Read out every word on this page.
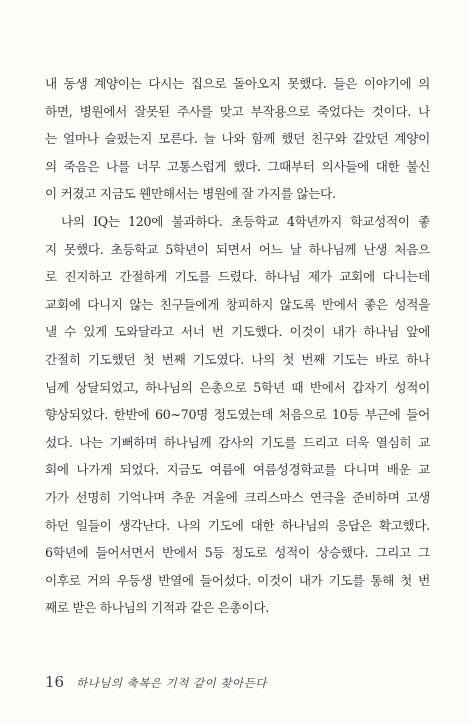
내 동생 계양이는 다시는 집으로 돌아오지 못했다. 들은 이야기에 의
하면, 병원에서 잘못된 주사를 맞고 부작용으로 죽었다는 것이다. 나
는 얼마나 슬펐는지 모른다. 늘 나와 함께 했던 친구와 같았던 계양이
의 죽음은 나를 너무 고통스럽게 했다. 그때부터 의사들에 대한 불신
이 커졌고 지금도 웬만해서는 병원에 잘 가지를 않는다.
나의 IQ는 120에 불과하다. 초등학교 4학년까지 학교성적이 좋
지 못했다. 초등학교 5학년이 되면서 어느 날 하나님께 난생 처음으
로 진지하고 간절하게 기도를 드렸다. 하나님 제가 교회에 다니는데
교회에 다니지 않는 친구들에게 창피하지 않도록 반에서 좋은 성적을
낼 수 있게 도와달라고 서너 번 기도했다. 이것이 내가 하나님 앞에
간절히 기도했던 첫 번째 기도였다. 나의 첫 번째 기도는 바로 하나
님께 상달되었고, 하나님의 은총으로 5학년 때 반에서 갑자기 성적이
향상되었다. 한반에 60~70명 정도였는데 처음으로 10등 부근에 들어
섰다. 나는 기뻐하며 하나님께 감사의 기도를 드리고 더욱 열심히 교
회에 나가게 되었다. 지금도 여름에 여름성경학교를 다니며 배운 교
가가 선명히 기억나며 추운 겨울에 크리스마스 연극을 준비하며 고생
하던 일들이 생각난다. 나의 기도에 대한 하나님의 응답은 확고했다.
6학년에 들어서면서 반에서 5등 정도로 성적이 상승했다. 그리고 그
이후로 거의 우등생 반열에 들어섰다. 이것이 내가 기도를 통해 첫 번
째로 받은 하나님의 기적과 같은 은총이다.
16 하나님의 축복은 기적 같이 찾아든다
